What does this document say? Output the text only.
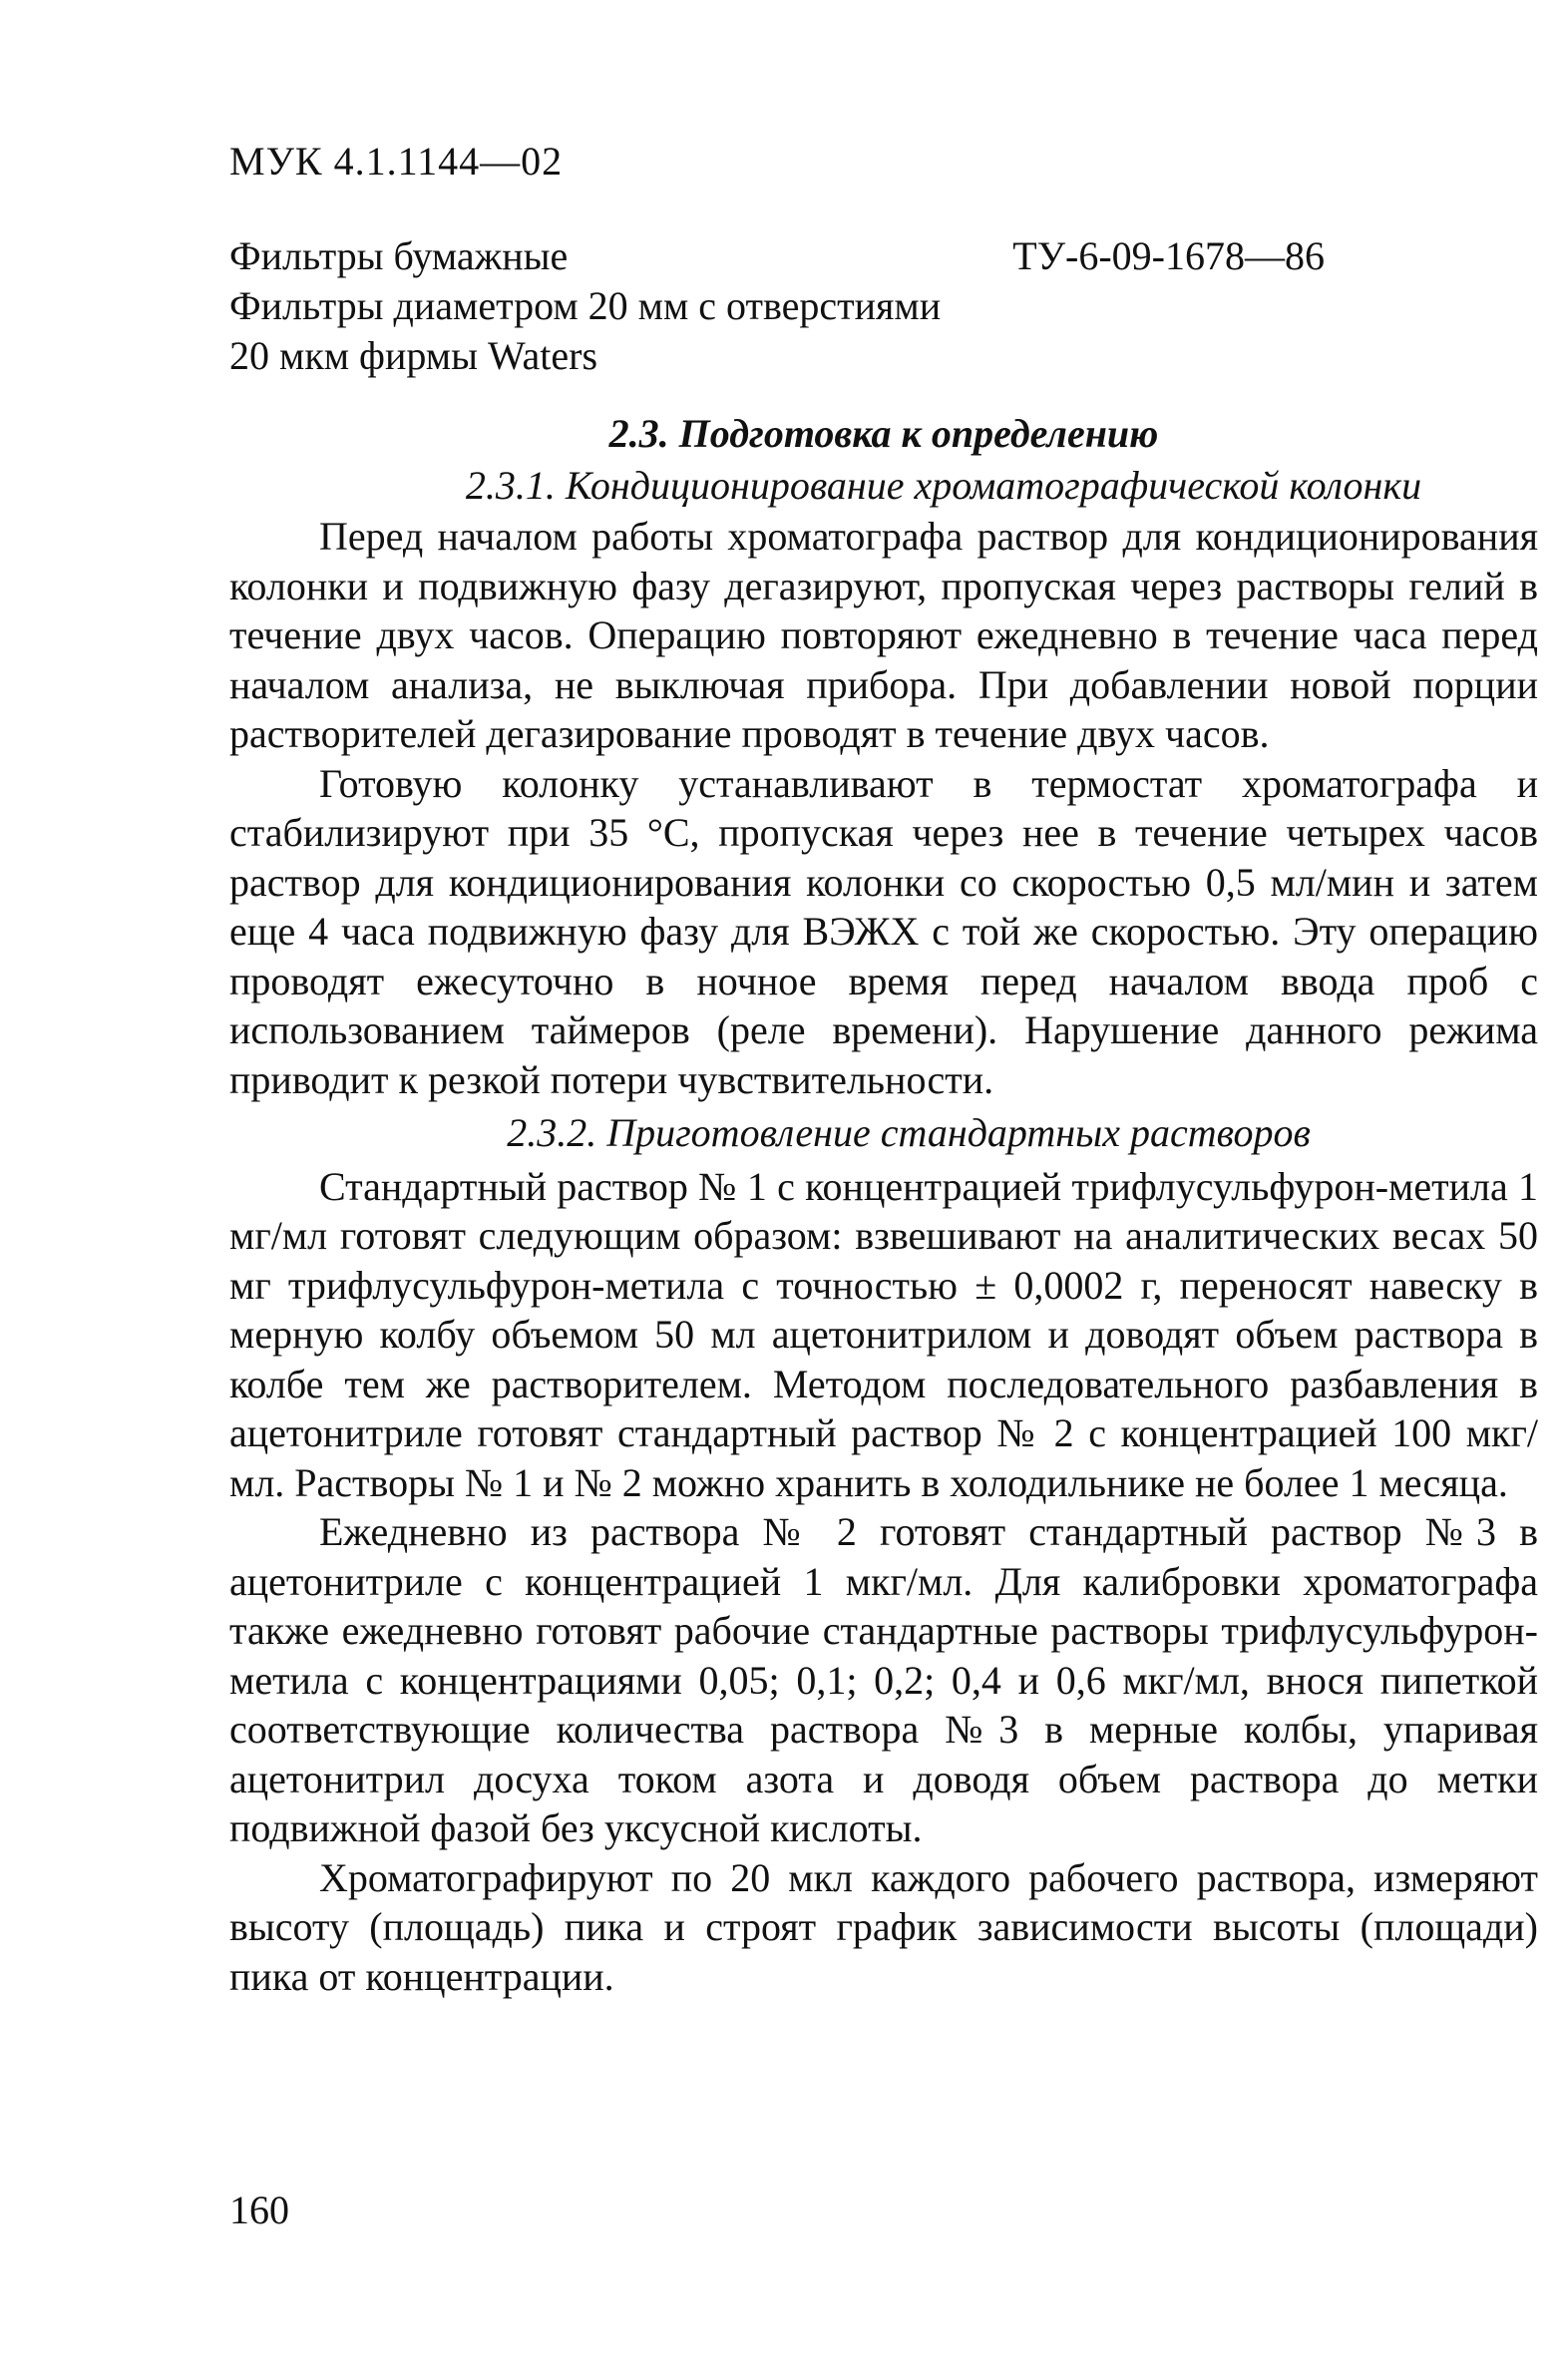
МУК 4.1.1144—02
Фильтры бумажные	ТУ-6-09-1678—86
Фильтры диаметром 20 мм с отверстиями
20 мкм фирмы Waters

2.3. Подготовка к определению

2.3.1. Кондиционирование хроматографической колонки

Перед началом работы хроматографа раствор для кондиционирования колонки и подвижную фазу дегазируют, пропуская через растворы гелий в течение двух часов. Операцию повторяют ежедневно в течение часа перед началом анализа, не выключая прибора. При добавлении новой порции растворителей дегазирование проводят в течение двух часов.

Готовую колонку устанавливают в термостат хроматографа и стабилизируют при 35 °С, пропуская через нее в течение четырех часов раствор для кондиционирования колонки со скоростью 0,5 мл/мин и затем еще 4 часа подвижную фазу для ВЭЖХ с той же скоростью. Эту операцию проводят ежесуточно в ночное время перед началом ввода проб с использованием таймеров (реле времени). Нарушение данного режима приводит к резкой потери чувствительности.

2.3.2. Приготовление стандартных растворов

Стандартный раствор № 1 с концентрацией трифлусульфурон-метила 1 мг/мл готовят следующим образом: взвешивают на аналитических весах 50 мг трифлусульфурон-метила с точностью ± 0,0002 г, переносят навеску в мерную колбу объемом 50 мл ацетонитрилом и доводят объем раствора в колбе тем же растворителем. Методом последовательного разбавления в ацетонитриле готовят стандартный раствор № 2 с концентрацией 100 мкг/мл. Растворы № 1 и № 2 можно хранить в холодильнике не более 1 месяца.

Ежедневно из раствора № 2 готовят стандартный раствор №3 в ацетонитриле с концентрацией 1 мкг/мл. Для калибровки хроматографа также ежедневно готовят рабочие стандартные растворы трифлусульфурон-метила с концентрациями 0,05; 0,1; 0,2; 0,4 и 0,6 мкг/мл, внося пипеткой соответствующие количества раствора №3 в мерные колбы, упаривая ацетонитрил досуха током азота и доводя объем раствора до метки подвижной фазой без уксусной кислоты.

Хроматографируют по 20 мкл каждого рабочего раствора, измеряют высоту (площадь) пика и строят график зависимости высоты (площади) пика от концентрации.

160
